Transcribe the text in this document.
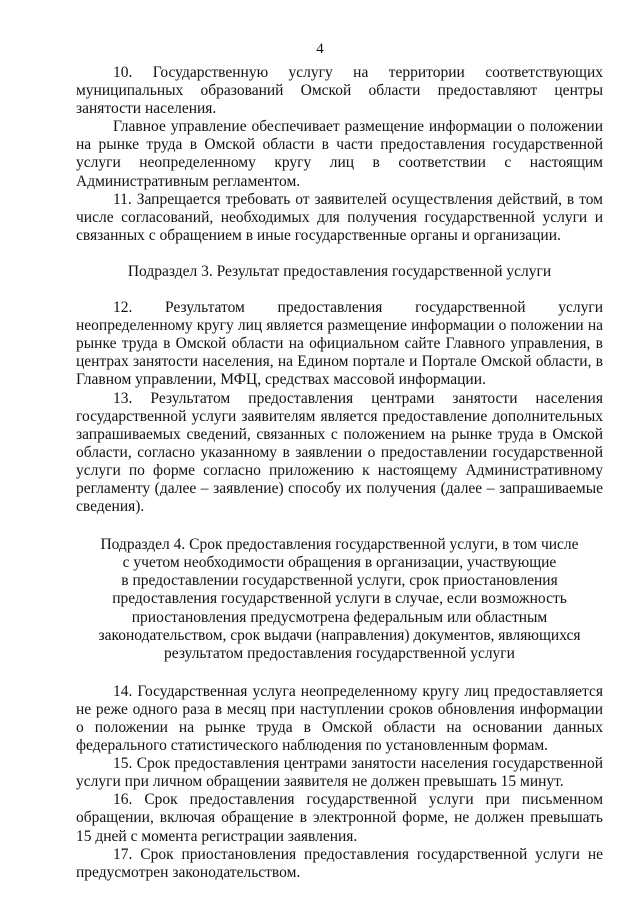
4

10. Государственную услугу на территории соответствующих муниципальных образований Омской области предоставляют центры занятости населения.

Главное управление обеспечивает размещение информации о положении на рынке труда в Омской области в части предоставления государственной услуги неопределенному кругу лиц в соответствии с настоящим Административным регламентом.

11. Запрещается требовать от заявителей осуществления действий, в том числе согласований, необходимых для получения государственной услуги и связанных с обращением в иные государственные органы и организации.

Подраздел 3. Результат предоставления государственной услуги

12. Результатом предоставления государственной услуги неопределенному кругу лиц является размещение информации о положении на рынке труда в Омской области на официальном сайте Главного управления, в центрах занятости населения, на Едином портале и Портале Омской области, в Главном управлении, МФЦ, средствах массовой информации.

13. Результатом предоставления центрами занятости населения государственной услуги заявителям является предоставление дополнительных запрашиваемых сведений, связанных с положением на рынке труда в Омской области, согласно указанному в заявлении о предоставлении государственной услуги по форме согласно приложению к настоящему Административному регламенту (далее – заявление) способу их получения (далее – запрашиваемые сведения).

Подраздел 4. Срок предоставления государственной услуги, в том числе
с учетом необходимости обращения в организации, участвующие
в предоставлении государственной услуги, срок приостановления
предоставления государственной услуги в случае, если возможность
приостановления предусмотрена федеральным или областным
законодательством, срок выдачи (направления) документов, являющихся
результатом предоставления государственной услуги

14. Государственная услуга неопределенному кругу лиц предоставляется не реже одного раза в месяц при наступлении сроков обновления информации о положении на рынке труда в Омской области на основании данных федерального статистического наблюдения по установленным формам.

15. Срок предоставления центрами занятости населения государственной услуги при личном обращении заявителя не должен превышать 15 минут.

16. Срок предоставления государственной услуги при письменном обращении, включая обращение в электронной форме, не должен превышать 15 дней с момента регистрации заявления.

17. Срок приостановления предоставления государственной услуги не предусмотрен законодательством.
